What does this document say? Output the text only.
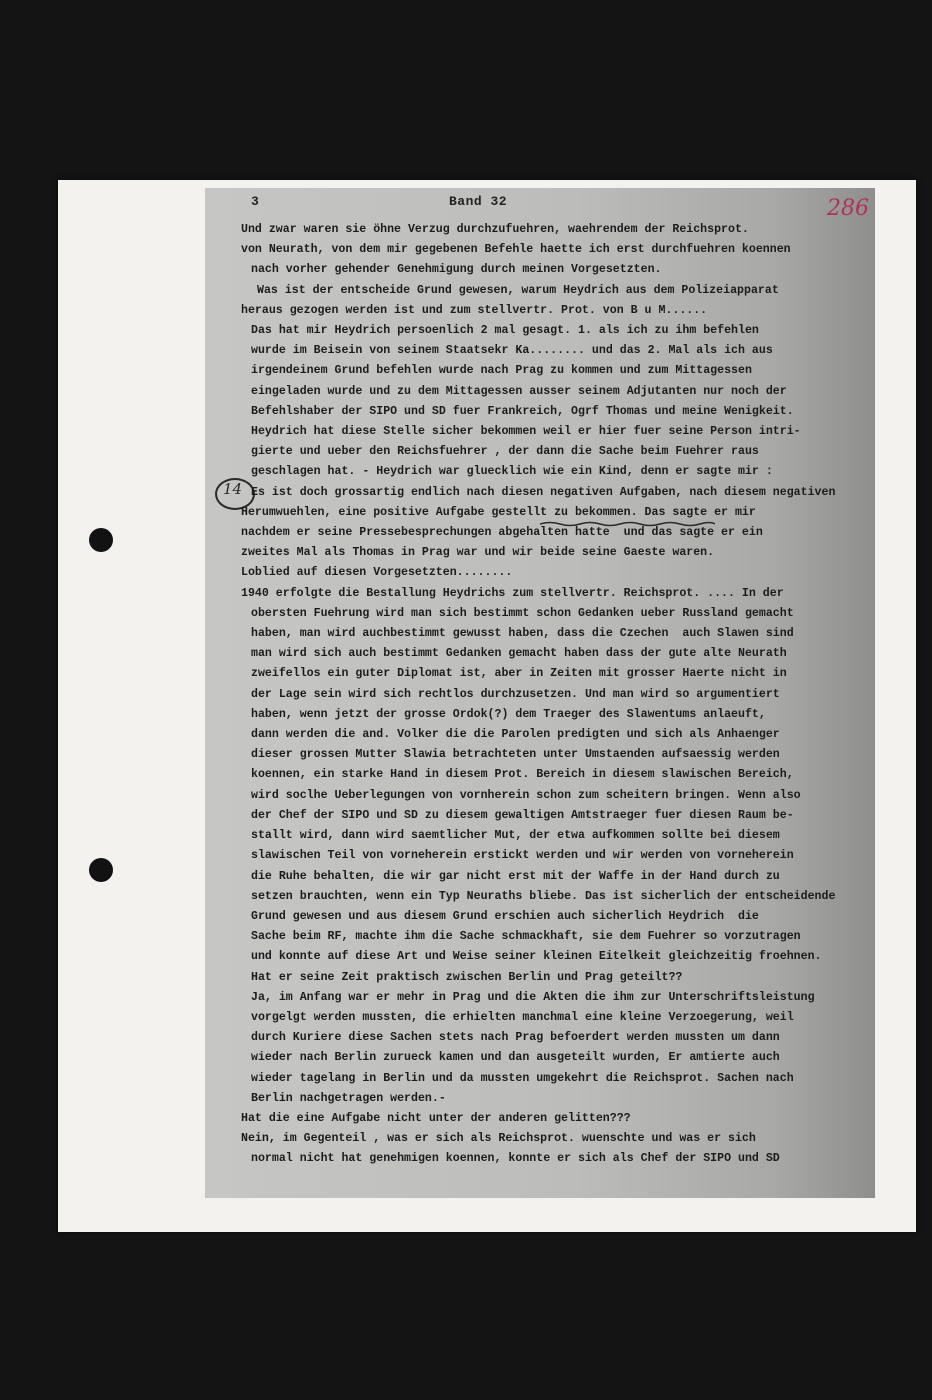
3	Band 32	286
14
Und zwar waren sie öhne Verzug durchzufuehren, waehrendem der Reichsprot.
von Neurath, von dem mir gegebenen Befehle haette ich erst durchfuehren koennen
nach vorher gehender Genehmigung durch meinen Vorgesetzten.
Was ist der entscheide Grund gewesen, warum Heydrich aus dem Polizeiapparat
heraus gezogen werden ist und zum stellvertr. Prot. von B u M......
Das hat mir Heydrich persoenlich 2 mal gesagt. 1. als ich zu ihm befehlen
wurde im Beisein von seinem Staatsekr Ka........ und das 2. Mal als ich aus
irgendeinem Grund befehlen wurde nach Prag zu kommen und zum Mittagessen
eingeladen wurde und zu dem Mittagessen ausser seinem Adjutanten nur noch der
Befehlshaber der SIPO und SD fuer Frankreich, Ogrf Thomas und meine Wenigkeit.
Heydrich hat diese Stelle sicher bekommen weil er hier fuer seine Person intri-
gierte und ueber den Reichsfuehrer , der dann die Sache beim Fuehrer raus
geschlagen hat. - Heydrich war gluecklich wie ein Kind, denn er sagte mir :
Es ist doch grossartig endlich nach diesen negativen Aufgaben, nach diesem negativen
Herumwuehlen, eine positive Aufgabe gestellt zu bekommen. Das sagte er mir
nachdem er seine Pressebesprechungen abgehalten hatte  und das sagte er ein
zweites Mal als Thomas in Prag war und wir beide seine Gaeste waren.
Loblied auf diesen Vorgesetzten........
1940 erfolgte die Bestallung Heydrichs zum stellvertr. Reichsprot. .... In der
obersten Fuehrung wird man sich bestimmt schon Gedanken ueber Russland gemacht
haben, man wird auchbestimmt gewusst haben, dass die Czechen  auch Slawen sind
man wird sich auch bestimmt Gedanken gemacht haben dass der gute alte Neurath
zweifellos ein guter Diplomat ist, aber in Zeiten mit grosser Haerte nicht in
der Lage sein wird sich rechtlos durchzusetzen. Und man wird so argumentiert
haben, wenn jetzt der grosse Ordok(?) dem Traeger des Slawentums anlaeuft,
dann werden die and. Volker die die Parolen predigten und sich als Anhaenger
dieser grossen Mutter Slawia betrachteten unter Umstaenden aufsaessig werden
koennen, ein starke Hand in diesem Prot. Bereich in diesem slawischen Bereich,
wird soclhe Ueberlegungen von vornherein schon zum scheitern bringen. Wenn also
der Chef der SIPO und SD zu diesem gewaltigen Amtstraeger fuer diesen Raum be-
stallt wird, dann wird saemtlicher Mut, der etwa aufkommen sollte bei diesem
slawischen Teil von vorneherein erstickt werden und wir werden von vorneherein
die Ruhe behalten, die wir gar nicht erst mit der Waffe in der Hand durch zu
setzen brauchten, wenn ein Typ Neuraths bliebe. Das ist sicherlich der entscheidende
Grund gewesen und aus diesem Grund erschien auch sicherlich Heydrich  die
Sache beim RF, machte ihm die Sache schmackhaft, sie dem Fuehrer so vorzutragen
und konnte auf diese Art und Weise seiner kleinen Eitelkeit gleichzeitig froehnen.
Hat er seine Zeit praktisch zwischen Berlin und Prag geteilt??
Ja, im Anfang war er mehr in Prag und die Akten die ihm zur Unterschriftsleistung
vorgelgt werden mussten, die erhielten manchmal eine kleine Verzoegerung, weil
durch Kuriere diese Sachen stets nach Prag befoerdert werden mussten um dann
wieder nach Berlin zurueck kamen und dan ausgeteilt wurden, Er amtierte auch
wieder tagelang in Berlin und da mussten umgekehrt die Reichsprot. Sachen nach
Berlin nachgetragen werden.-
Hat die eine Aufgabe nicht unter der anderen gelitten???
Nein, im Gegenteil , was er sich als Reichsprot. wuenschte und was er sich
normal nicht hat genehmigen koennen, konnte er sich als Chef der SIPO und SD
